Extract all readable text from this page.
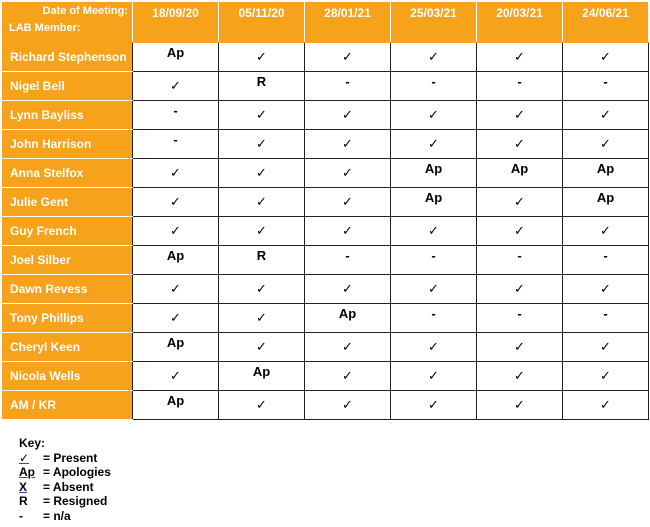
Date of Meeting:
LAB Member:	18/09/20	05/11/20	28/01/21	25/03/21	20/03/21	24/06/21
Richard Stephenson	Ap	✓	✓	✓	✓	✓
Nigel Bell	✓	R	-	-	-	-
Lynn Bayliss	-	✓	✓	✓	✓	✓
John Harrison	-	✓	✓	✓	✓	✓
Anna Stelfox	✓	✓	✓	Ap	Ap	Ap
Julie Gent	✓	✓	✓	Ap	✓	Ap
Guy French	✓	✓	✓	✓	✓	✓
Joel Silber	Ap	R	-	-	-	-
Dawn Revess	✓	✓	✓	✓	✓	✓
Tony Phillips	✓	✓	Ap	-	-	-
Cheryl Keen	Ap	✓	✓	✓	✓	✓
Nicola Wells	✓	Ap	✓	✓	✓	✓
AM / KR	Ap	✓	✓	✓	✓	✓
Key:
✓ = Present
Ap = Apologies
X = Absent
R = Resigned
- = n/a
